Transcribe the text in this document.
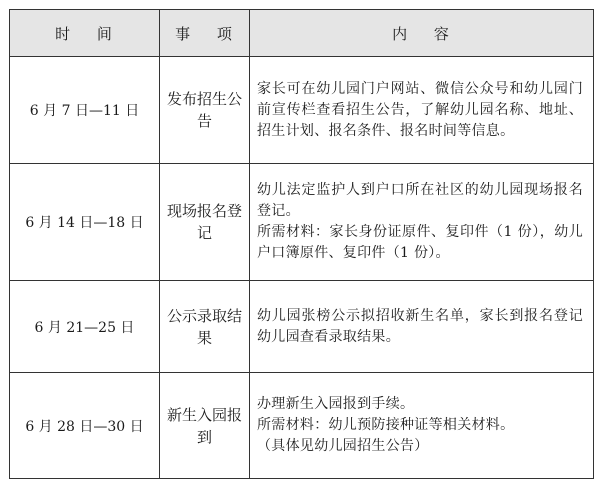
时 间	事 项	内 容
6 月 7 日—11 日	发布招生公告	家长可在幼儿园门户网站、微信公众号和幼儿园门前宣传栏查看招生公告，了解幼儿园名称、地址、招生计划、报名条件、报名时间等信息。

6 月 14 日—18 日	现场报名登记	幼儿法定监护人到户口所在社区的幼儿园现场报名登记。
所需材料：家长身份证原件、复印件（1 份），幼儿户口簿原件、复印件（1 份）。

6 月 21—25 日	公示录取结果	幼儿园张榜公示拟招收新生名单，家长到报名登记幼儿园查看录取结果。

6 月 28 日—30 日	新生入园报到	办理新生入园报到手续。
所需材料：幼儿预防接种证等相关材料。
（具体见幼儿园招生公告）
